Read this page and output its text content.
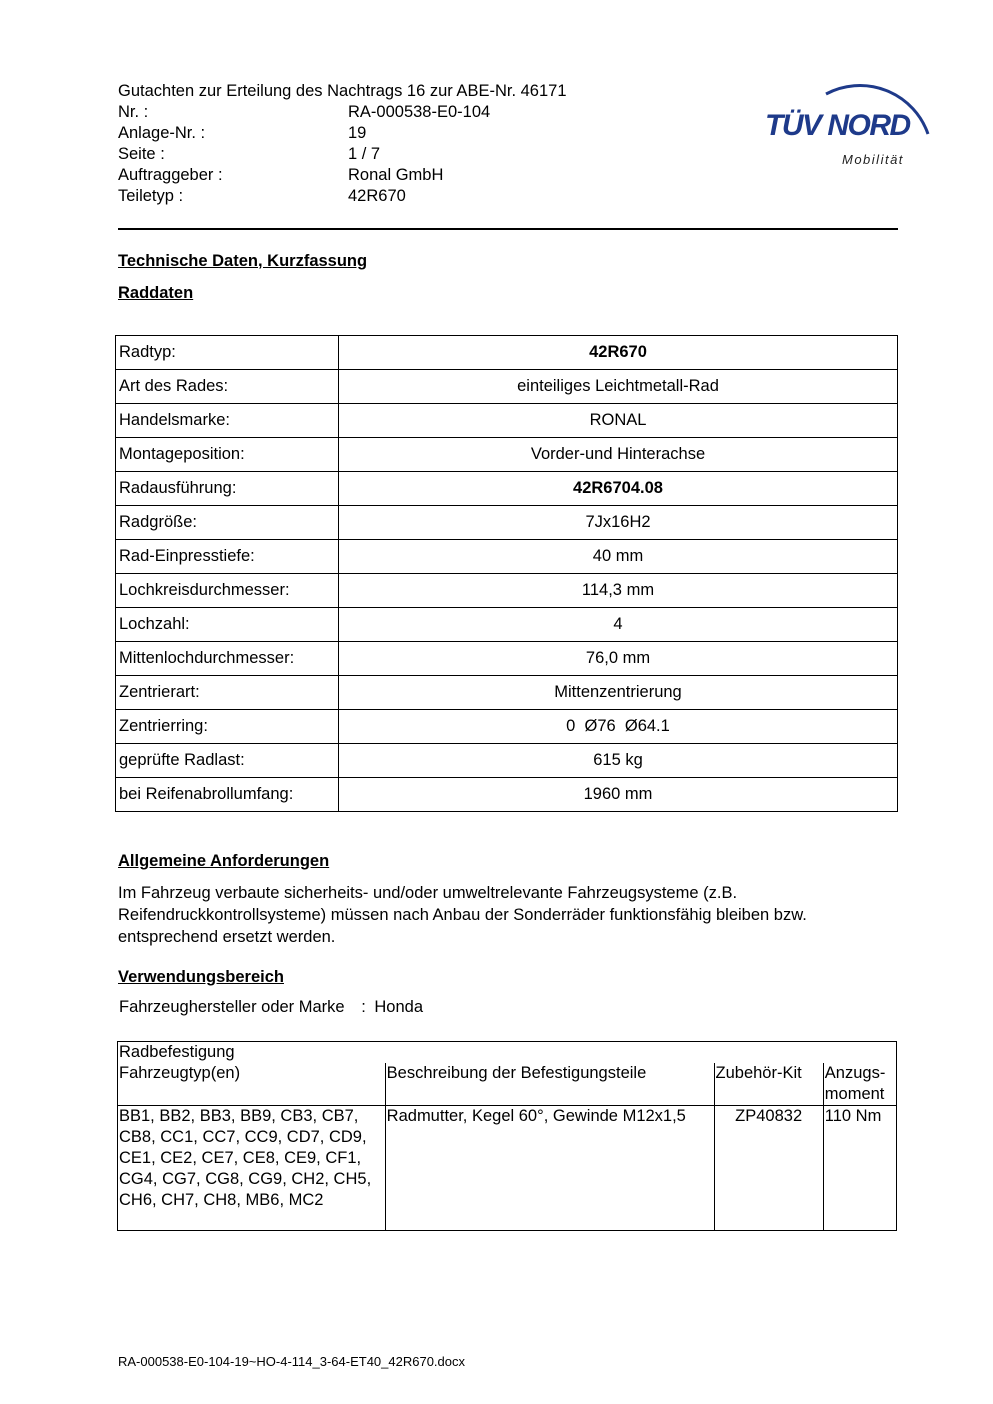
Gutachten zur Erteilung des Nachtrags 16 zur ABE-Nr. 46171
Nr. :	RA-000538-E0-104
Anlage-Nr. :	19
Seite :	1 / 7
Auftraggeber :	Ronal GmbH
Teiletyp :	42R670
TÜV NORD
Mobilität
Technische Daten, Kurzfassung
Raddaten
Radtyp:	42R670
Art des Rades:	einteiliges Leichtmetall-Rad
Handelsmarke:	RONAL
Montageposition:	Vorder-und Hinterachse
Radausführung:	42R6704.08
Radgröße:	7Jx16H2
Rad-Einpresstiefe:	40 mm
Lochkreisdurchmesser:	114,3 mm
Lochzahl:	4
Mittenlochdurchmesser:	76,0 mm
Zentrierart:	Mittenzentrierung
Zentrierring:	0  Ø76  Ø64.1
geprüfte Radlast:	615 kg
bei Reifenabrollumfang:	1960 mm
Allgemeine Anforderungen
Im Fahrzeug verbaute sicherheits- und/oder umweltrelevante Fahrzeugsysteme (z.B. Reifendruckkontrollsysteme) müssen nach Anbau der Sonderräder funktionsfähig bleiben bzw. entsprechend ersetzt werden.
Verwendungsbereich
Fahrzeughersteller oder Marke : Honda
Radbefestigung			
Fahrzeugtyp(en)	Beschreibung der Befestigungsteile	Zubehör-Kit	Anzugs-moment
BB1, BB2, BB3, BB9, CB3, CB7, CB8, CC1, CC7, CC9, CD7, CD9, CE1, CE2, CE7, CE8, CE9, CF1, CG4, CG7, CG8, CG9, CH2, CH5, CH6, CH7, CH8, MB6, MC2	Radmutter, Kegel 60°, Gewinde M12x1,5	ZP40832	110 Nm
RA-000538-E0-104-19~HO-4-114_3-64-ET40_42R670.docx
